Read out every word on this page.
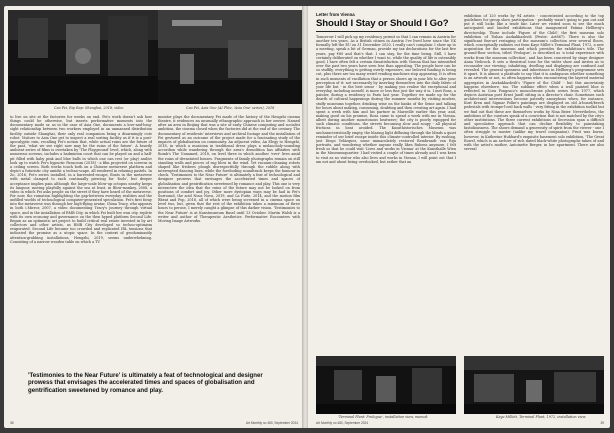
Cao Fei, Rip Rap: Shanghai, 2018, video	Cao Fei, Asia One (AI Phte, 'Asia One' series), 2018
to live on site at the factories for weeks on end. Fei's work doesn't ask how things could be otherwise, but inserts performative moments into the documentary mode or, as in the case of Asia One, documents a love-and-long-sight relationship between two workers employed in an unmanned distribution facility outside Shanghai, their only real companion being a disarmingly cute robot. Visitors to Asia One get to inspect a real sorting facility as if it is a post-apocalyptic ruin, recalling Fei's notion that, while actual ruins are the future of the past, 'what we see right now may be the ruins of the future'. A heavily ambient series of films is overtaken by 'The Playground' level, which, along with numerous screens, includes a badminton court that can be played on and a half-pit filled with baby pink and blue balls in which one can rest (or play) and/or look up to watch Fei's hypnotic Paracosm (2018) - a film projected on screens in a ceiling screen. Both works touch both on a Chinese metaverse platform and depict a futuristic city amidst a techno-scape, all rendered in relaxing pastels. In Zo, 2016, Fei's series installed, in a barrented-escape, floats in the metaverse with metal clamped to each continually piercing for 'fools', but deeper acceptance implies pain although the large-scale blow-up octopus nearby keeps its languor, moving playfully against the sea at least, in Blow-monkey, 2008, a video in which Fei asks people on the street if they have heard of the metaverse. For now, the ruination highlighting the gap-between everyday realities and the unfilled worlds of technological computer-generated speculation. Fei's first foray into the metaverse was through her high-flying avatar, China Tracy, who appears in both i.Mirror, 2007, a video documenting Tracy's journey through virtual space, and in the installation of RMB City, in which Fei built her own city, replete with its own economy and governance on the then hyped platform Second Life. Begun as an optimistic art project to build critical real estate invested in by art collectors and other artists, as RMB City developed so techno-optimism evaporated. Second Life became too crowded and replicated IRL tensions that indicated the promise as a utopic space. In the context of geodominantly attention-grabbing installations, Hengzhi, 2019, seems underwhelming. Consisting of a narrow wooden table on which a TV
monitor plays the documentary Fei made of the history of the Hengzhi cinema theatre, it evidences an unusually ethnographic approach in her oeuvre. Named after an area in Beijing that was a site of early Chinese computing and socialist ambition, the cinema closed when the factories did at the end of the century. The documentary of residents' interviews and archival footage and the installation of Fei gestured as an outcome of the project made for a fascinating study of the impacts of globalisation on community. An adjacent video, An Elegy to Hengzhi, 2018, in which a musician in traditional dress plays a melancholy-sounding accordion while wandering through the area's demolition has affinities with Bomb's The Unnamed, 2018, on level three in which another 'ever' lives amid the ruins of devastated houses. Fragments of family photographs remain on still standing walls and pieces of rug blow in the wind. Yet vacuum-cleaning robots shaped like frisbees plough disrespectfully through the rubble along with interrupted dancing lines, while the foreboding soundtrack keeps the humour in check. 'Testimonies to the Near Future' is ultimately a feat of technological and designer prowess that envisages the accelerated times and spaces of globalisation and gentrification sweetened by romance and play. This one is very interactive the idea that the ruins of the future may not be looked on from positions of comfort and joy. Other more dystopian ways may be had in Fei's Surround, the acid Nous Nova, 2019, and La Fuite, 2014, and the motion film Bbeat and Pop, 2016, all of which were being screened in a cinema space on level two, but, given that the rest of the exhibition takes a minimum of three hours to peruse, I merely caught a glimpse of this darker vision. 'Testimonies to the Near Future' is at Kunstmuseum Basel until 13 October. Martin Walsh is a writer and author of Therapeutic Aesthetics: Performative Encounters with Moving Image Artworks.
'Testimonies to the Near Future' is ultimately a feat of technological and designer prowess that envisages the accelerated times and spaces of globalisation and gentrification sweetened by romance and play.
38	Art Monthly no 480, September 2024
Letter from Vienna
Should I Stay or Should I Go?
Tomorrow I will pick up my residency permit so that I can remain in Austria for another ten years. As a British citizen in Austria I've lived here since the UK formally left the EU on 31 December 2020, I really can't complain: I show up to a meeting, speak a bit of German, provide my tax declarations for the last five years, pay €80 and that's that. I can stay, for the time being. Still, I have certainly deliberated on whether I want to, while the quality of life is ostensibly good, I have often felt a certain dissatisfaction with Vienna that has intensified over the past two years have seen less than appealing. The people here can be so stuffily, everything is getting overly expensive, our beloved funding is being cut, plus there are too many weird vending machines stop appearing. It is often in such moments of vacillation that a person shows up in your life to alter your perception of it: not necessarily by inserting themselves into the daily fabric of your life but - in the best sense - by making you realise the exceptional and everyday, including oneself, is more or less fine just the way it is. I met Rosa, a painter, during a residency in Paris last year. Together we made up for the dearth of cultural happenings during the summer months by visiting modest, stuffy museums together, drinking wine on the banks of the Seine and talking for hours about making, consuming, doubting and then creating art again. I had spent a week with him and his partner in Marseille earlier this year, and, making good on his promise, Rosa came to spend a week with me in Vienna, albeit during another monotonous heatwave; the city is poorly equipped for such climatic conditions, the streets becoming slow and soupy - all physical frictions in heat avoided. The Kunsthistorisches Museum was uncharacteristically empty, the blazing light diffusing through the blinds a quiet reminder of our brief escape inside this climate-controlled interior. By rushing, just Diego Velázquez, some immaculately restored Rembrandt van Rijn portraits, and wondering whether anyone really likes Rubens anymore, I felt fresh so that he could visit 'Lives and works in Vienna' at the Kunsthalle Wien in the Museumsquartier. I had visited a couple of times already and I was keen to visit as no visitor who also lives and works in Vienna, I will point out that I am not and about being overlooked, but rather that an
exhibition of 120 works by 94 artists - concentrated according to the top guidelines for group show participation - probably wasn't going to pan out and put it still looks like a trade fair. Later we visited soon to see the much anticipated and lauded exhibitions that inaugurated Fatima Hellberg's directorship. Those include 'Figure of the Child', the first museum solo exhibition of Tishan Aszkakhashvili (Pestie: Art867). There is also the significant fine-art restaging of the museum's collection over several floors, which conceptually radiates out from Kaye Millet's Terminal Plant, 1972, a new acquisition for the museum and which provides the exhibition's title. The ground-floor section, titled 'Prologue', is described as 'a total experience with works from the museum collection', and has been conceived by stage designer Anna Viebrock. It sets a theatrical tone for the wider show and invites us to reconsider our viewing, inhabiting, dwelling and displaying are confined and revealed. The general openness and inheritance in Hellberg's programme sets it apart. It is almost a platitude to say that it is ambiguous whether something is an artwork or not, so often happens when encountering the layered material aggregates in Aszkakhashvili's 'Figure of the Child' - but this uncertainty happens elsewhere, too. The sublime effect when a wall painted blue is reflected in Cora Pongracz's monochrome photo series from 1977, which depicts Austrian poet Ernst Jandl sitting in a director's chair. Sometimes such architectural interventions become patently amorphous when, for instance, Kurt Kren and Sigmar Polke's paintings are displayed on old A-board/beech pedestals with trompe-l'oeil back walls - very fitting in the exhibition toolkit but we find out that these are themselves works by Nina Beier. Nevertheless, the ambitions of the curators speak of a conviction that is not matched by the city's other institutions. The three current exhibitions at Secession span a difficult and speculative approach that can decline flexibility to painstaking fastidiousness. The shows demand a generosity of spirit from the viewer - one I often struggle to muster (unlike my travel companion). Fruit was borne, however, in Katherine Hubbard's exquisite basement solo exhibition, 'The Great Rowel, which is an archive of rich dated black-white photographs taken of and with the artist's mother, Antoinette Berger, in her apartment. There are also several
'Terminal Plant: Prologue', installation view, mumok	Kaye Millett, Terminal Plant, 1972, installation view
Art Monthly no 480, September 2024	39
